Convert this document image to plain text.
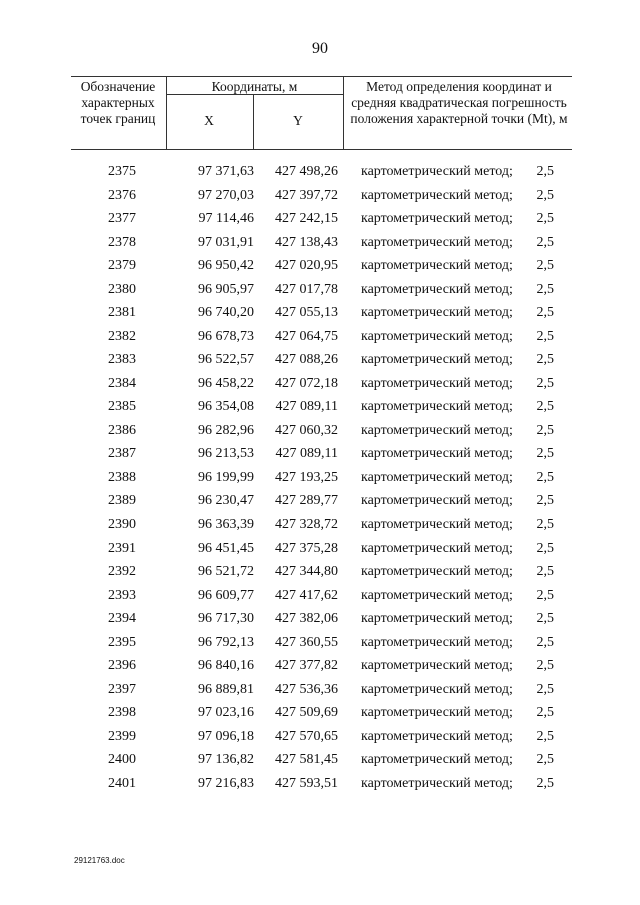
90
Обозначение характерных точек границ
Координаты, м
X	Y
Метод определения координат и средняя квадратическая погрешность положения характерной точки (Mt), м
2375	97 371,63	427 498,26 картометрический метод;	2,5
2376	97 270,03	427 397,72 картометрический метод;	2,5
2377	97 114,46	427 242,15 картометрический метод;	2,5
2378	97 031,91	427 138,43 картометрический метод;	2,5
2379	96 950,42	427 020,95 картометрический метод;	2,5
2380	96 905,97	427 017,78 картометрический метод;	2,5
2381	96 740,20	427 055,13 картометрический метод;	2,5
2382	96 678,73	427 064,75 картометрический метод;	2,5
2383	96 522,57	427 088,26 картометрический метод;	2,5
2384	96 458,22	427 072,18 картометрический метод;	2,5
2385	96 354,08	427 089,11 картометрический метод;	2,5
2386	96 282,96	427 060,32 картометрический метод;	2,5
2387	96 213,53	427 089,11 картометрический метод;	2,5
2388	96 199,99	427 193,25 картометрический метод;	2,5
2389	96 230,47	427 289,77 картометрический метод;	2,5
2390	96 363,39	427 328,72 картометрический метод;	2,5
2391	96 451,45	427 375,28 картометрический метод;	2,5
2392	96 521,72	427 344,80 картометрический метод;	2,5
2393	96 609,77	427 417,62 картометрический метод;	2,5
2394	96 717,30	427 382,06 картометрический метод;	2,5
2395	96 792,13	427 360,55 картометрический метод;	2,5
2396	96 840,16	427 377,82 картометрический метод;	2,5
2397	96 889,81	427 536,36 картометрический метод;	2,5
2398	97 023,16	427 509,69 картометрический метод;	2,5
2399	97 096,18	427 570,65 картометрический метод;	2,5
2400	97 136,82	427 581,45 картометрический метод;	2,5
2401	97 216,83	427 593,51 картометрический метод;	2,5
29121763.doc
